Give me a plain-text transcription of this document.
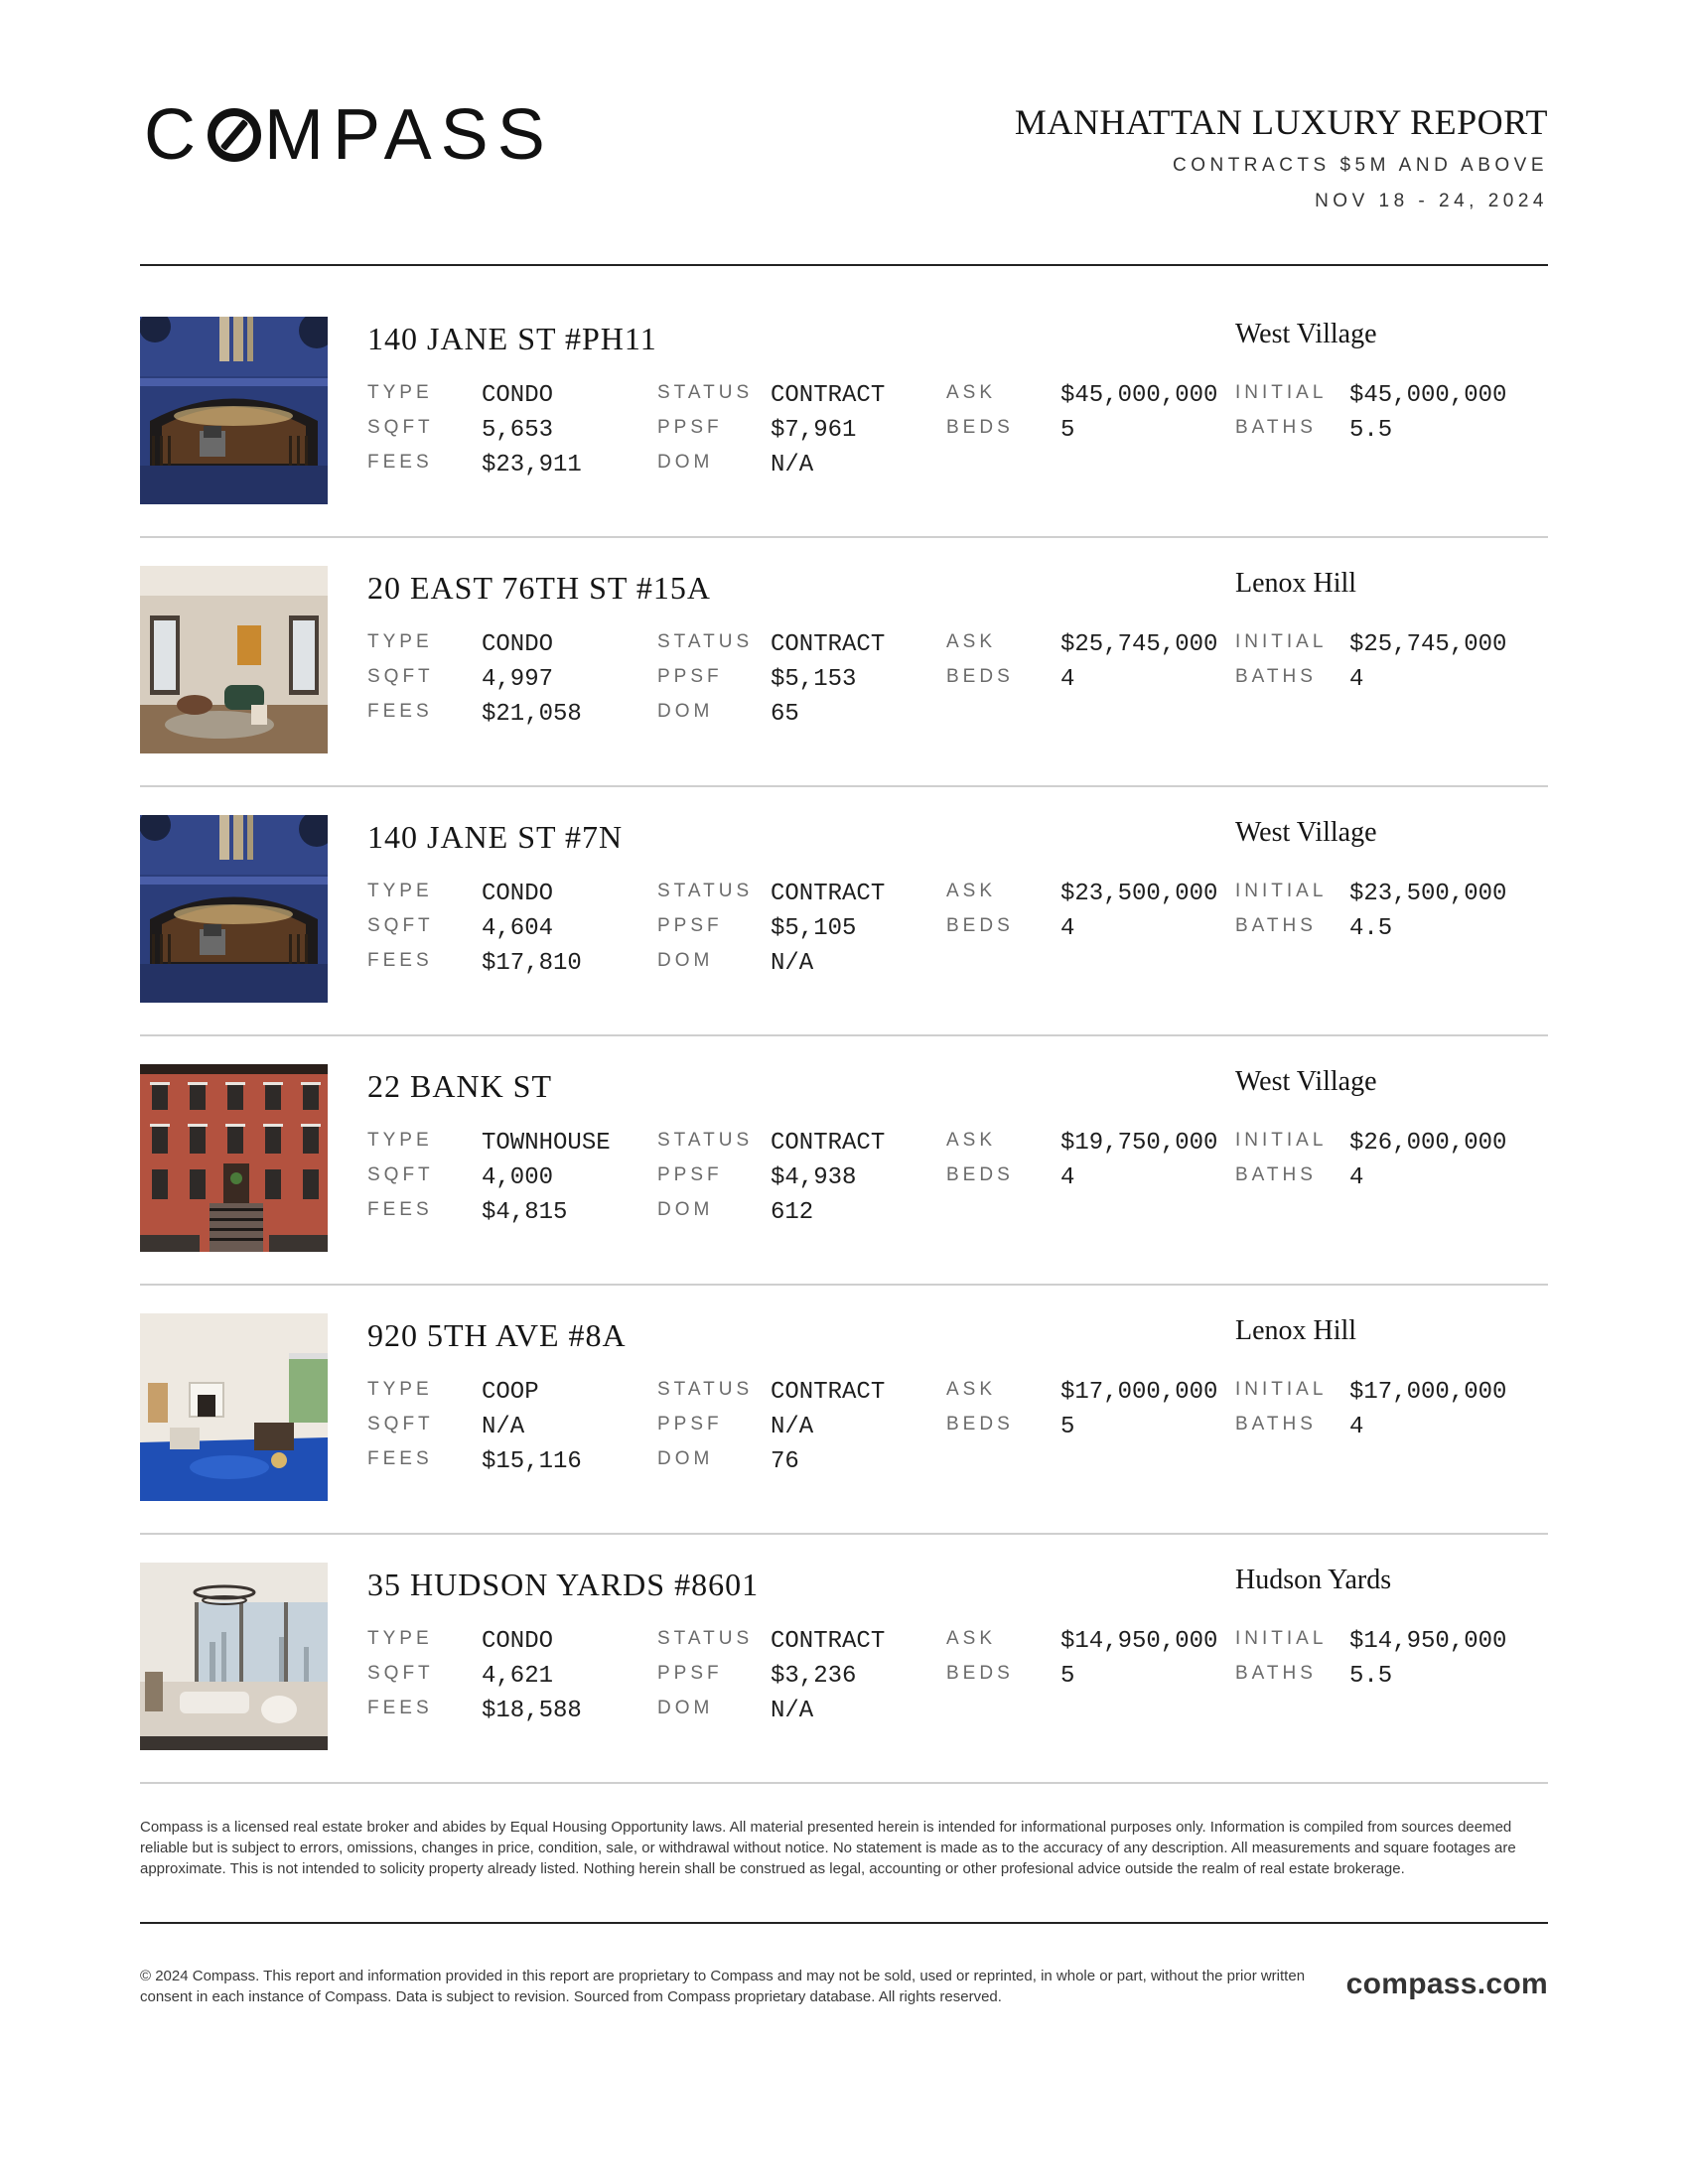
C MPASS	MANHATTAN LUXURY REPORT
CONTRACTS $5M AND ABOVE
NOV 18 - 24, 2024
140 JANE ST #PH11	West Village
TYPE CONDO
SQFT 5,653
FEES $23,911
STATUS CONTRACT
PPSF $7,961
DOM N/A
ASK	$45,000,000
BEDS 5
INITIAL $45,000,000
BATHS 5.5
20 EAST 76TH ST #15A	Lenox Hill
TYPE CONDO
SQFT 4,997
FEES $21,058
STATUS CONTRACT
PPSF $5,153
DOM 65
ASK	$25,745,000
BEDS 4
INITIAL $25,745,000
BATHS 4
140 JANE ST #7N	West Village
TYPE CONDO
SQFT 4,604
FEES $17,810
STATUS CONTRACT
PPSF $5,105
DOM N/A
ASK	$23,500,000
BEDS 4
INITIAL $23,500,000
BATHS 4.5
22 BANK ST	West Village
TYPE TOWNHOUSE
SQFT 4,000
FEES $4,815
STATUS CONTRACT
PPSF $4,938
DOM 612
ASK	$19,750,000
BEDS 4
INITIAL $26,000,000
BATHS 4
920 5TH AVE #8A	Lenox Hill
TYPE COOP
SQFT N/A
FEES $15,116
STATUS CONTRACT
PPSF N/A
DOM 76
ASK	$17,000,000
BEDS 5
INITIAL $17,000,000
BATHS 4
35 HUDSON YARDS #8601	Hudson Yards
TYPE CONDO
SQFT 4,621
FEES $18,588
STATUS CONTRACT
PPSF $3,236
DOM N/A
ASK	$14,950,000
BEDS 5
INITIAL $14,950,000
BATHS 5.5
Compass is a licensed real estate broker and abides by Equal Housing Opportunity laws. All material presented herein is intended for informational purposes only. Information is compiled from sources deemed reliable but is subject to errors, omissions, changes in price, condition, sale, or withdrawal without notice. No statement is made as to the accuracy of any description. All measurements and square footages are approximate. This is not intended to solicity property already listed. Nothing herein shall be construed as legal, accounting or other profesional advice outside the realm of real estate brokerage.
© 2024 Compass. This report and information provided in this report are proprietary to Compass and may not be sold, used or reprinted, in whole or part, without the prior written consent in each instance of Compass. Data is subject to revision. Sourced from Compass proprietary database. All rights reserved.	compass.com
